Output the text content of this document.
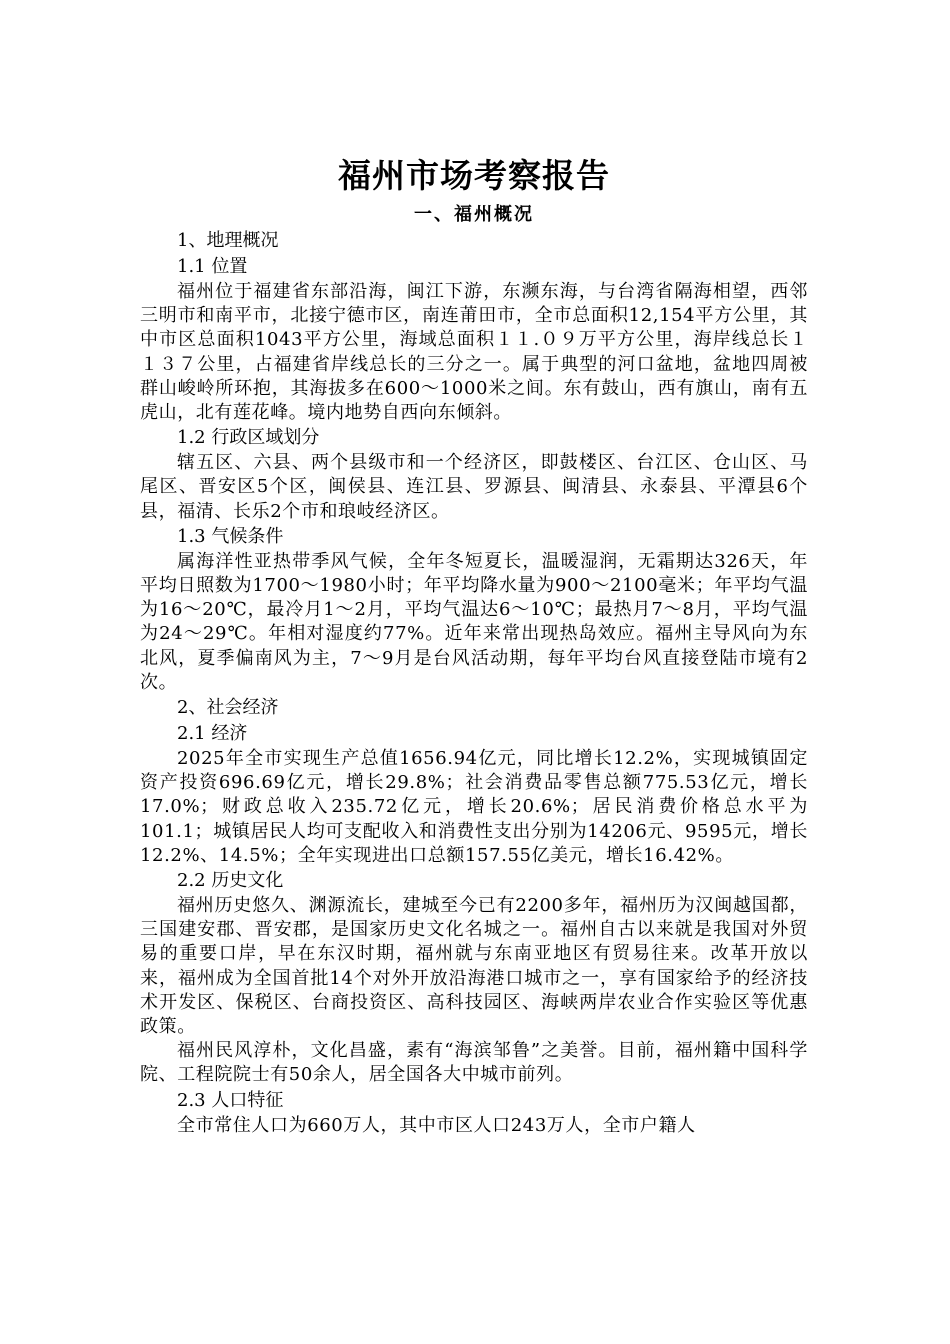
福州市场考察报告
一、福州概况

1、地理概况

1.1 位置

福州位于福建省东部沿海，闽江下游，东濒东海，与台湾省隔海相望，西邻三明市和南平市，北接宁德市区，南连莆田市，全市总面积12,154平方公里，其中市区总面积1043平方公里，海域总面积１１.０９万平方公里，海岸线总长１１３７公里，占福建省岸线总长的三分之一。属于典型的河口盆地，盆地四周被群山峻岭所环抱，其海拔多在600～1000米之间。东有鼓山，西有旗山，南有五虎山，北有莲花峰。境内地势自西向东倾斜。

1.2 行政区域划分

辖五区、六县、两个县级市和一个经济区，即鼓楼区、台江区、仓山区、马尾区、晋安区5个区，闽侯县、连江县、罗源县、闽清县、永泰县、平潭县6个县，福清、长乐2个市和琅岐经济区。

1.3 气候条件

属海洋性亚热带季风气候，全年冬短夏长，温暖湿润，无霜期达326天，年平均日照数为1700～1980小时；年平均降水量为900～2100毫米；年平均气温为16～20℃，最冷月1～2月，平均气温达6～10℃；最热月7～8月，平均气温为24～29℃。年相对湿度约77%。近年来常出现热岛效应。福州主导风向为东北风，夏季偏南风为主，7～9月是台风活动期，每年平均台风直接登陆市境有2次。

2、社会经济

2.1 经济

2025年全市实现生产总值1656.94亿元，同比增长12.2%，实现城镇固定资产投资696.69亿元，增长29.8%；社会消费品零售总额775.53亿元，增长17.0%；财政总收入235.72亿元，增长20.6%；居民消费价格总水平为101.1；城镇居民人均可支配收入和消费性支出分别为14206元、9595元，增长12.2%、14.5%；全年实现进出口总额157.55亿美元，增长16.42%。

2.2 历史文化

福州历史悠久、渊源流长，建城至今已有2200多年，福州历为汉闽越国都，三国建安郡、晋安郡，是国家历史文化名城之一。福州自古以来就是我国对外贸易的重要口岸，早在东汉时期，福州就与东南亚地区有贸易往来。改革开放以来，福州成为全国首批14个对外开放沿海港口城市之一，享有国家给予的经济技术开发区、保税区、台商投资区、高科技园区、海峡两岸农业合作实验区等优惠政策。

福州民风淳朴，文化昌盛，素有“海滨邹鲁”之美誉。目前，福州籍中国科学院、工程院院士有50余人，居全国各大中城市前列。

2.3 人口特征

全市常住人口为660万人，其中市区人口243万人，全市户籍人
